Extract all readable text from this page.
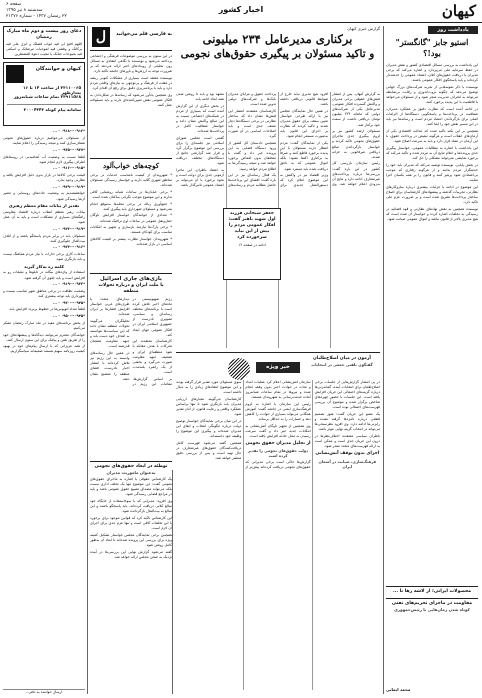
کیهان
اخبار کشور
صفحه ۶
سه‌شنبه ۸ تیر ۱۳۹۵
۲۲ رمضان ۱۴۳۷ - شماره ۲۱۳۷۶
یادداشت روز
استیو جابز "گانگستر" بود!؟

این یادداشت به بررسی مسائل اقتصادی کشور و نقش مدیران در حفظ سرمایه ملی می‌پردازد و اشاره می‌کند که برخی مدیران با دریافت حقوق‌های کلان، اعتماد عمومی را خدشه‌دار کرده‌اند و باید پاسخگوی افکار عمومی باشند.

نویسنده با ذکر نمونه‌هایی از تجربه شرکت‌های بزرگ جهانی توضیح می‌دهد که چگونه ثروت‌اندوزی و رقابت بی‌ضابطه می‌تواند به انحراف مدیریت منجر شود و از مسئولان می‌خواهد با قاطعیت با این پدیده برخورد کنند.

در ادامه آمده است که نظارت دقیق بر عملکرد مدیران، شفافیت در پرداخت‌ها و پاسخگویی دستگاه‌ها از الزامات اصلی برای بازگرداندن اعتماد مردم است و رسانه‌ها نیز باید در این مسیر نقش خود را ایفا کنند.

همچنین بر این نکته تاکید شده که عدالت اقتصادی یکی از آرمان‌های انقلاب است و هرگونه تبعیض در پرداخت حقوق، با این آرمان در تضاد قرار دارد و باید به سرعت اصلاح شود.

این یادداشت با اشاره به مطالبات عمومی، خواستار پیگیری جدی پرونده‌ها و اعلام نتایج آن به مردم شده و تاکید می‌کند که برخورد نمایشی نمی‌تواند مشکلی را حل کند.

در بخش پایانی، نویسنده توصیه می‌کند که مدیران باید خود را خدمتگزار مردم بدانند و از هرگونه رفتاری که موجب بی‌اعتمادی شود پرهیز کنند و قانون را بر همه یکسان اجرا نمایند.

این موضوع در ادامه با جزئیات بیشتری درباره سازوکارهای نظارتی، تجربیات گذشته و پیشنهادهای کارشناسان برای اصلاح ساختار پرداخت‌ها تشریح شده است و بر ضرورت عزم ملی تاکید دارد.

نویسنده همچنین به نقش نهادهای نظارتی و قوه قضائیه در رسیدگی به تخلفات اشاره کرده و خواستار آن شده است که هیچ مدیری بالاتر از قانون نباشد و اموال عمومی صیانت شود.

محصولات ایرانی؛ از لاشه رها تا ...
مقاومت در ماجرای تحریم‌های نفتی
کوتاه شدن زمان‌هایی با رئیس‌جمهوری
محمد ایمانی
گزارش خبری کیهان
برکناری مدیرعامل ۲۳۴ میلیونی
و تاکید مسئولان بر پیگیری حقوق‌های نجومی

به گزارش کیهان، پس از انتشار فیش‌های حقوقی برخی مدیران و واکنش گسترده افکار عمومی، مدیرعامل یکی از شرکت‌های دولتی که ماهانه ۲۳۴ میلیون تومان دریافتی داشت از سمت خود برکنار شد.

مسئولان ارشد کشور نیز بر لزوم پیگیری جدی ماجرای حقوق‌های نجومی تاکید کردند و خواستار بازگرداندن مبالغ دریافتی غیرقانونی به خزانه شدند.

رئیس سازمان بازرسی کل کشور در این باره گفت: بررسی‌ها درباره پرداخت‌های غیرمتعارف ادامه دارد و نتایج آن به‌زودی اعلام خواهد شد. وی افزود هیچ مدیری نباید خارج از ضوابط قانونی دریافتی داشته باشد.

در همین حال نمایندگان مجلس نیز با ارائه طرحی خواستار تعیین سقف برای حقوق مدیران شدند و تاکید کردند که نظارت بر اجرای این قانون باید به‌صورت مستمر انجام شود.

یکی از نمایندگان گفت: مردم انتظار دارند مسئولان با این پدیده برخورد قاطع کنند و صرفاً به برکناری اکتفا نشود؛ بلکه اموال عمومی که به ناحق دریافت شده باید مسترد شود.

وزیر اقتصاد نیز در واکنش به این موضوع اعلام کرد که دستورالعمل جدیدی برای پرداخت حقوق و مزایای مدیران بانک‌ها و شرکت‌های دولتی تدوین شده است.

کارشناسان معتقدند انتشار این فیش‌ها نشان داد که ساختار نظارتی در برخی دستگاه‌ها دچار ضعف جدی است و باید اصلاحات اساسی در آن صورت گیرد.

همچنین دادستان کل کشور از ورود دستگاه قضایی به این پرونده خبر داد و گفت با متخلفان بدون اغماض برخورد خواهد شد و نتیجه رسیدگی‌ها به اطلاع مردم خواهد رسید.

یک فعال رسانه‌ای نیز در این باره گفت: افشای این پرداخت‌ها حاصل مطالبه مردم و رسانه‌های متعهد بود و باید تا روشن شدن همه ابعاد ادامه یابد.

در بخش دیگری از این گزارش آمده است که بسیاری از مردم در شبکه‌های اجتماعی نسبت به این مبالغ واکنش نشان داده و خواستار شفافیت کامل در پرداخت‌ها شده‌اند.

گفتنی است مجلس شورای اسلامی نیز جلسه‌ای را برای بررسی این موضوع برگزار کرد و قرار شد گزارشی جامع از دستگاه‌های مختلف دریافت شود.

به اعتقاد ناظران، این ماجرا آزمونی جدی برای دولت است و نحوه برخورد با آن می‌تواند بر اعتماد عمومی تاثیرگذار باشد.

جعفر سبحانی فرزند اول شهید باهنر گفت: افکار عمومی مردم را بیش از این نباید سرخورده کرد
ادامه در صفحه ۱۲
خبر ویژه
آزمون در میان اصلاح‌طلبان
گفتگوی تلفنی جمعی در انتخابات

در پی انتشار گزارش‌هایی از جلسات برخی اصلاح‌طلبان برای انتخابات آینده، گمانه‌زنی‌ها درباره گزینه‌های احتمالی این جریان افزایش یافته است. این جلسات با حضور چهره‌های شاخص برگزار شده و موضوع آن بررسی فهرست‌های احتمالی بوده است.

یک عضو این جریان گفت: هنوز تصمیم قطعی درباره نامزدها گرفته نشده و رایزنی‌ها ادامه دارد. وی افزود نظرسنجی‌ها می‌تواند در انتخاب گزینه نهایی موثر باشد.

ناظران سیاسی معتقدند اختلاف‌نظرها در درون این جریان جدی است و ممکن است به ارائه فهرست‌های متعدد منجر شود.

اجرای بدون توقف آتش‌نشانی

فرهنگ‌سازی، صیانت در آسمان ایران

سازمان آتش‌نشانی اعلام کرد عملیات امداد و نجات در حوادث اخیر بدون وقفه انجام شده و نیروها در تمام ساعات شبانه‌روز آماده خدمت‌رسانی به شهروندان هستند.

رئیس این سازمان با اشاره به لزوم فرهنگ‌سازی ایمنی در جامعه گفت: آموزش همگانی می‌تواند بسیاری از حوادث را کاهش دهد و خسارات را به حداقل برساند.

وی همچنین از تجهیز ناوگان آتش‌نشانی به امکانات جدید خبر داد و گفت سرعت رسیدن به محل حادثه افزایش یافته است.

از تجلیل مدیران حقوق نجومی

دولت حقوق‌های نجومی را تقدیر کرده است

گزارش‌ها حاکی است برخی مدیرانی که حقوق‌های نجومی دریافت کرده‌اند پیش‌تر از سوی مسئولان مورد تقدیر قرار گرفته بودند و این موضوع انتقادهای زیادی را به دنبال داشته است.

کارشناسان می‌گویند معیارهای ارزیابی مدیران باید بازنگری شود تا تنها براساس عملکرد واقعی و رعایت قانون، از آنان تقدیر شود.

در این میان برخی نمایندگان خواستار توضیح دولت درباره چگونگی انتخاب و ابقای این مدیران شده‌اند و پیگیری این موضوع را وظیفه خود دانسته‌اند.

همچنین گفته می‌شود فهرست کامل دریافت‌کنندگان حقوق‌های غیرمتعارف در حال تهیه است و پس از بررسی دقیق منتشر خواهد شد.

ل	به فارسی قلم می‌خوانید

در این ستون به بررسی موضوعات فرهنگی و اجتماعی پرداخته می‌شود و نویسنده با نگاهی انتقادی به مسائل روز، تحلیلی از رویدادهای اخیر ارائه می‌دهد که بر ضرورت توجه به ارزش‌ها و باورهای جامعه تاکید دارد.

نویسنده معتقد است بسیاری از مشکلات کنونی ریشه در غفلت از فرهنگ و بی‌توجهی به نیازهای واقعی مردم دارد و باید با برنامه‌ریزی دقیق برای رفع آن اقدام کرد.

وی همچنین یادآور می‌شود که رسانه‌ها در شکل‌دادن به افکار عمومی نقش تعیین‌کننده‌ای دارند و باید مسئولانه عمل کنند.

کوچه‌های خواب‌آلود

* شهروندان از کیفیت نامناسب خدمات در برخی مناطق شهری گلایه دارند و خواستار رسیدگی مسئولان شده‌اند.

* برخی خیابان‌ها در ساعات شبانه روشنایی کافی ندارند و این موضوع موجب نگرانی ساکنان شده است.

* جمع‌آوری زباله در برخی محله‌ها به‌موقع انجام نمی‌شود و مسئولان شهرداری باید پیگیری کنند.

* تعدادی از خوانندگان خواستار افزایش ناوگان حمل‌ونقل عمومی در ساعات اوج ترافیک شده‌اند.

* برخی پارک‌ها نیازمند بازسازی و تجهیز به امکانات مناسب برای کودکان هستند.

* شهروندان خواستار نظارت بیشتر بر قیمت کالاهای اساسی در بازار شده‌اند.

بازی‌های جاری اسرائیل
با ملت ایران و درباره تحولات منطقه

رژیم صهیونیستی در ماه‌های اخیر تلاش کرده است با برنامه‌های مختلف رسانه‌ای و سیاسی، تصویری نادرست از جمهوری اسلامی ایران در افکار عمومی جهان ایجاد کند.

کارشناسان معتقدند این تحرکات با هدف مقابله با نفوذ منطقه‌ای ایران و تضعیف جبهه مقاومت صورت می‌گیرد و بخشی از یک راهبرد بلندمدت است.

بر اساس گزارش‌ها، مقامات این رژیم در دیدارهای متعدد با طرف‌های غربی خواستار افزایش فشارها بر ایران شده‌اند.

تحلیلگران می‌گویند تحولات منطقه نشان داده که این سیاست‌ها نتوانسته به اهداف خود دست یابد و جبهه مقاومت همچنان قدرتمند است.

در همین حال رسانه‌های وابسته به این رژیم نیز تلاش کرده‌اند با انتشار اخبار نادرست، فضای منطقه را متشنج نشان دهند.

توطئه در ابعاد حقوق‌های نجومی
به‌عنوان ماموریت مدیران

یک کارشناس حقوقی با اشاره به ماجرای حقوق‌های نجومی گفت: این موضوع تنها یک تخلف اداری نیست بلکه می‌تواند مصداق تضییع حقوق عمومی باشد و باید در مراجع قضایی رسیدگی شود.

وی افزود: مدیرانی که با سوءاستفاده از جایگاه خود مبالغ کلانی دریافت کرده‌اند، باید پاسخگو باشند و این مبالغ به بیت‌المال بازگردانده شود.

این کارشناس تاکید کرد که قوانین موجود برای برخورد با این تخلفات کافی است و تنها عزم جدی برای اجرای آن لازم است.

همچنین برخی نمایندگان مجلس خواستار تشکیل کمیته ویژه برای بررسی این پرونده شده‌اند تا ابعاد آن به‌طور کامل روشن شود.

گفته می‌شود گزارش نهایی این بررسی‌ها در آینده نزدیک به صحن مجلس ارائه خواهد شد.

دعای روز بیست و دوم ماه مبارک رمضان
اللهم افتح لی فیه ابواب فضلک و انزل علی فیه برکاتک و وفقنی فیه لموجبات مرضاتک و اسکنی فیه بحبوحات جناتک یا مجیب دعوة المضطرین
کیهان و خوانندگان
۳۳۱۱۰۰۶۵ از ساعت ۱۴ تا ۱۶ بعدازظهر
۳۳۹۱۱۵۶۸ تمام ساعات شبانه‌روز
سامانه پیام کوتاه ۳۰۰۰۴۳۴۳

*۰۹۱۲---۰۹۱۸ - ...

از مسئولان می‌خواهیم درباره حقوق‌های نجومی شفاف‌سازی کنند و نتیجه رسیدگی را اعلام نمایند.

*۰۹۳۷---۰۹۳۵ - ...

لطفا نسبت به وضعیت آب آشامیدنی در روستاهای اطراف پیگیری لازم انجام شود.

*۰۹۱۵---۰۹۱۶ - ...

قیمت برخی کالاها در بازار بدون دلیل افزایش یافته و نظارتی وجود ندارد.

*۰۹۱۹---۰۹۳۹ - ...

خواهشمندیم به وضعیت جاده‌های روستایی و تعمیر آن‌ها رسیدگی شود.

تقدیر از بیانات مقام معظم رهبری

بیانات رهبر معظم انقلاب درباره اقتصاد مقاومتی راهگشای بسیاری از مشکلات است و باید به آن عمل شود.

*۰۹۱۹---۰۹۳۳ - ...

مسئولان باید در برابر مردم پاسخگو باشند و از اتلاف بیت‌المال جلوگیری کنند.

*۰۹۱۶---۰۹۳۳ - ...

ساعات کاری برخی ادارات با نیاز مردم هماهنگ نیست و باید بازنگری شود.

کلمه ره به‌کار گیرید

استفاده از واژه‌های بیگانه در تابلوها و تبلیغات رو به افزایش است و باید جلوی آن گرفته شود.

*۰۹۳۳---۰۹۱۹ - ...

وضعیت نظافت در برخی مناطق شهر مناسب نیست و شهرداری باید توجه بیشتری کند.

*۰۹۴۵---۰۹۳۰ - ...

لطفاً تعداد اتوبوس‌ها در خطوط پرتردد افزایش یابد.

*۰۹۴۵---۰۹۵۰ - ...

از پخش برنامه‌های مفید در ماه مبارک رمضان تشکر می‌کنیم.

خوانندگان محترم می‌توانند دیدگاه‌ها و پیشنهادهای خود را از طریق تلفن و پیامک برای این ستون ارسال کنند.

از همه عزیزانی که با ارسال پیام‌های خود در بهبود کیفیت روزنامه سهیم هستند صمیمانه سپاسگزاریم.

ارسال خواننده به دفتر...
